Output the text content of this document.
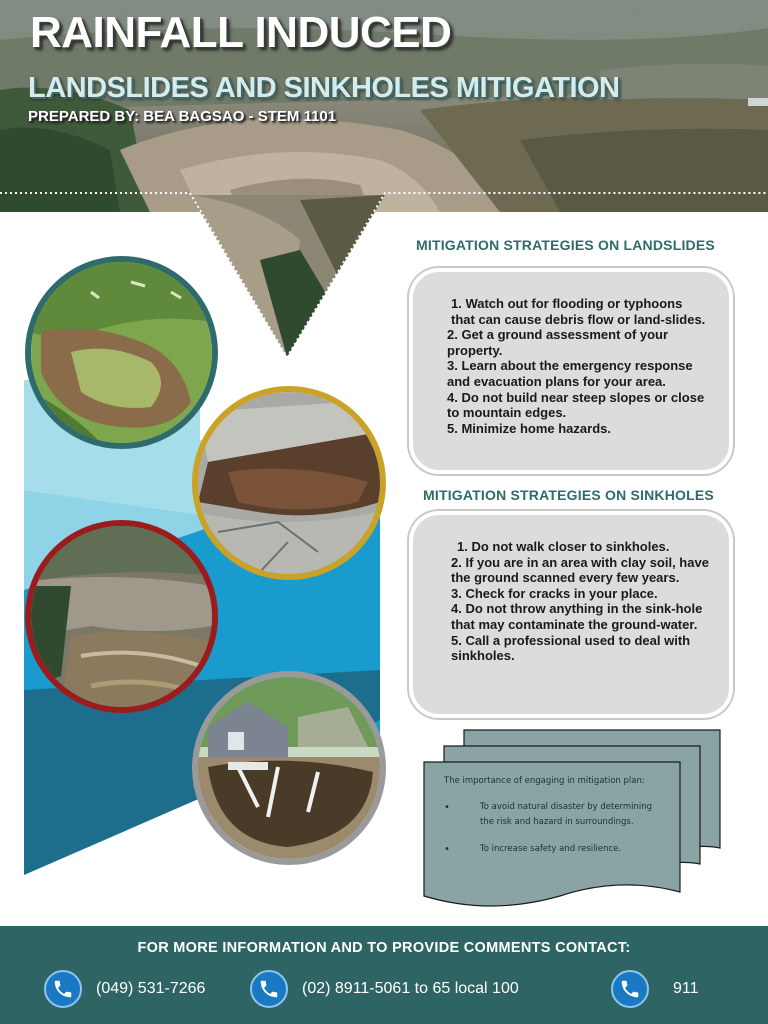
RAINFALL INDUCED
LANDSLIDES AND SINKHOLES MITIGATION
PREPARED BY: BEA BAGSAO - STEM 1101
MITIGATION STRATEGIES ON LANDSLIDES
1. Watch out for flooding or typhoons that can cause debris flow or land-slides.
2. Get a ground assessment of your property.
3. Learn about the emergency response and evacuation plans for your area.
4. Do not build near steep slopes or close to mountain edges.
5. Minimize home hazards.
MITIGATION STRATEGIES ON SINKHOLES
1. Do not walk closer to sinkholes.
2. If you are in an area with clay soil, have the ground scanned every few years.
3. Check for cracks in your place.
4. Do not throw anything in the sink-hole that may contaminate the ground-water.
5. Call a professional used to deal with sinkholes.
The importance of engaging in mitigation plan:
•	To avoid natural disaster by determining the risk and hazard in surroundings.
•	To increase safety and resilience.
FOR MORE INFORMATION AND TO PROVIDE COMMENTS CONTACT:
(049) 531-7266	(02) 8911-5061 to 65 local 100	911
